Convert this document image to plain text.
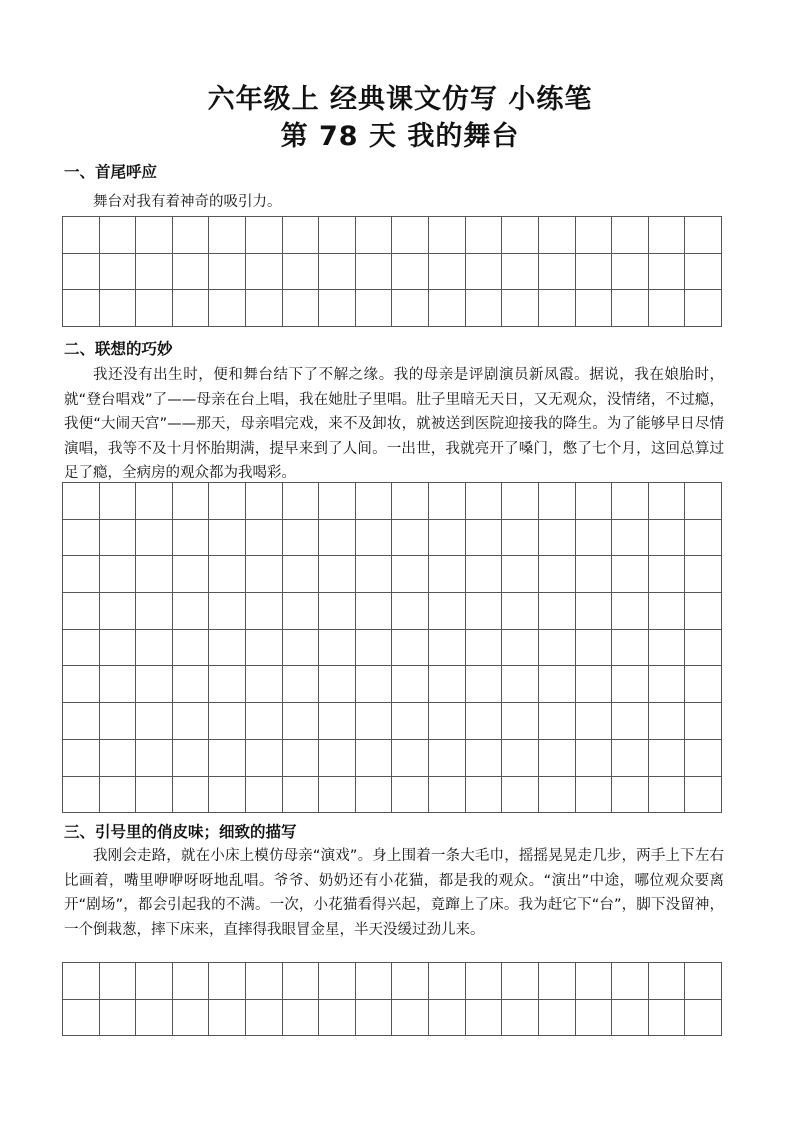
六年级上 经典课文仿写 小练笔
第 78 天 我的舞台
一、首尾呼应
舞台对我有着神奇的吸引力。
二、联想的巧妙
我还没有出生时，便和舞台结下了不解之缘。我的母亲是评剧演员新凤霞。据说，我在娘胎时，就“登台唱戏”了——母亲在台上唱，我在她肚子里唱。肚子里暗无天日，又无观众，没情绪，不过瘾，我便“大闹天宫”——那天，母亲唱完戏，来不及卸妆，就被送到医院迎接我的降生。为了能够早日尽情演唱，我等不及十月怀胎期满，提早来到了人间。一出世，我就亮开了嗓门，憋了七个月，这回总算过足了瘾，全病房的观众都为我喝彩。
三、引号里的俏皮味；细致的描写
我刚会走路，就在小床上模仿母亲“演戏”。身上围着一条大毛巾，摇摇晃晃走几步，两手上下左右比画着，嘴里咿咿呀呀地乱唱。爷爷、奶奶还有小花猫，都是我的观众。“演出”中途，哪位观众要离开“剧场”，都会引起我的不满。一次，小花猫看得兴起，竟蹿上了床。我为赶它下“台”，脚下没留神，一个倒栽葱，摔下床来，直摔得我眼冒金星，半天没缓过劲儿来。
